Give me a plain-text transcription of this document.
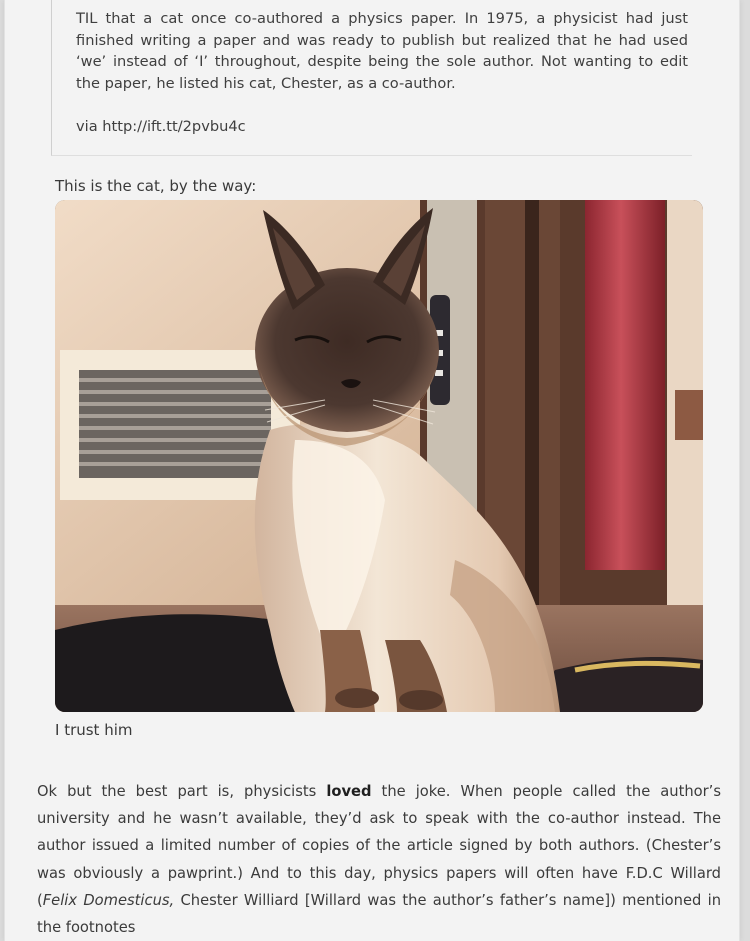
TIL that a cat once co-authored a physics paper. In 1975, a physicist had just finished writing a paper and was ready to publish but realized that he had used ‘we’ instead of ‘I’ throughout, despite being the sole author. Not wanting to edit the paper, he listed his cat, Chester, as a co-author.

via http://ift.tt/2pvbu4c
This is the cat, by the way:
I trust him

Ok but the best part is, physicists loved the joke. When people called the author’s university and he wasn’t available, they’d ask to speak with the co-author instead. The author issued a limited number of copies of the article signed by both authors. (Chester’s was obviously a pawprint.) And to this day, physics papers will often have F.D.C Willard (Felix Domesticus, Chester Williard [Willard was the author’s father’s name]) mentioned in the footnotes
